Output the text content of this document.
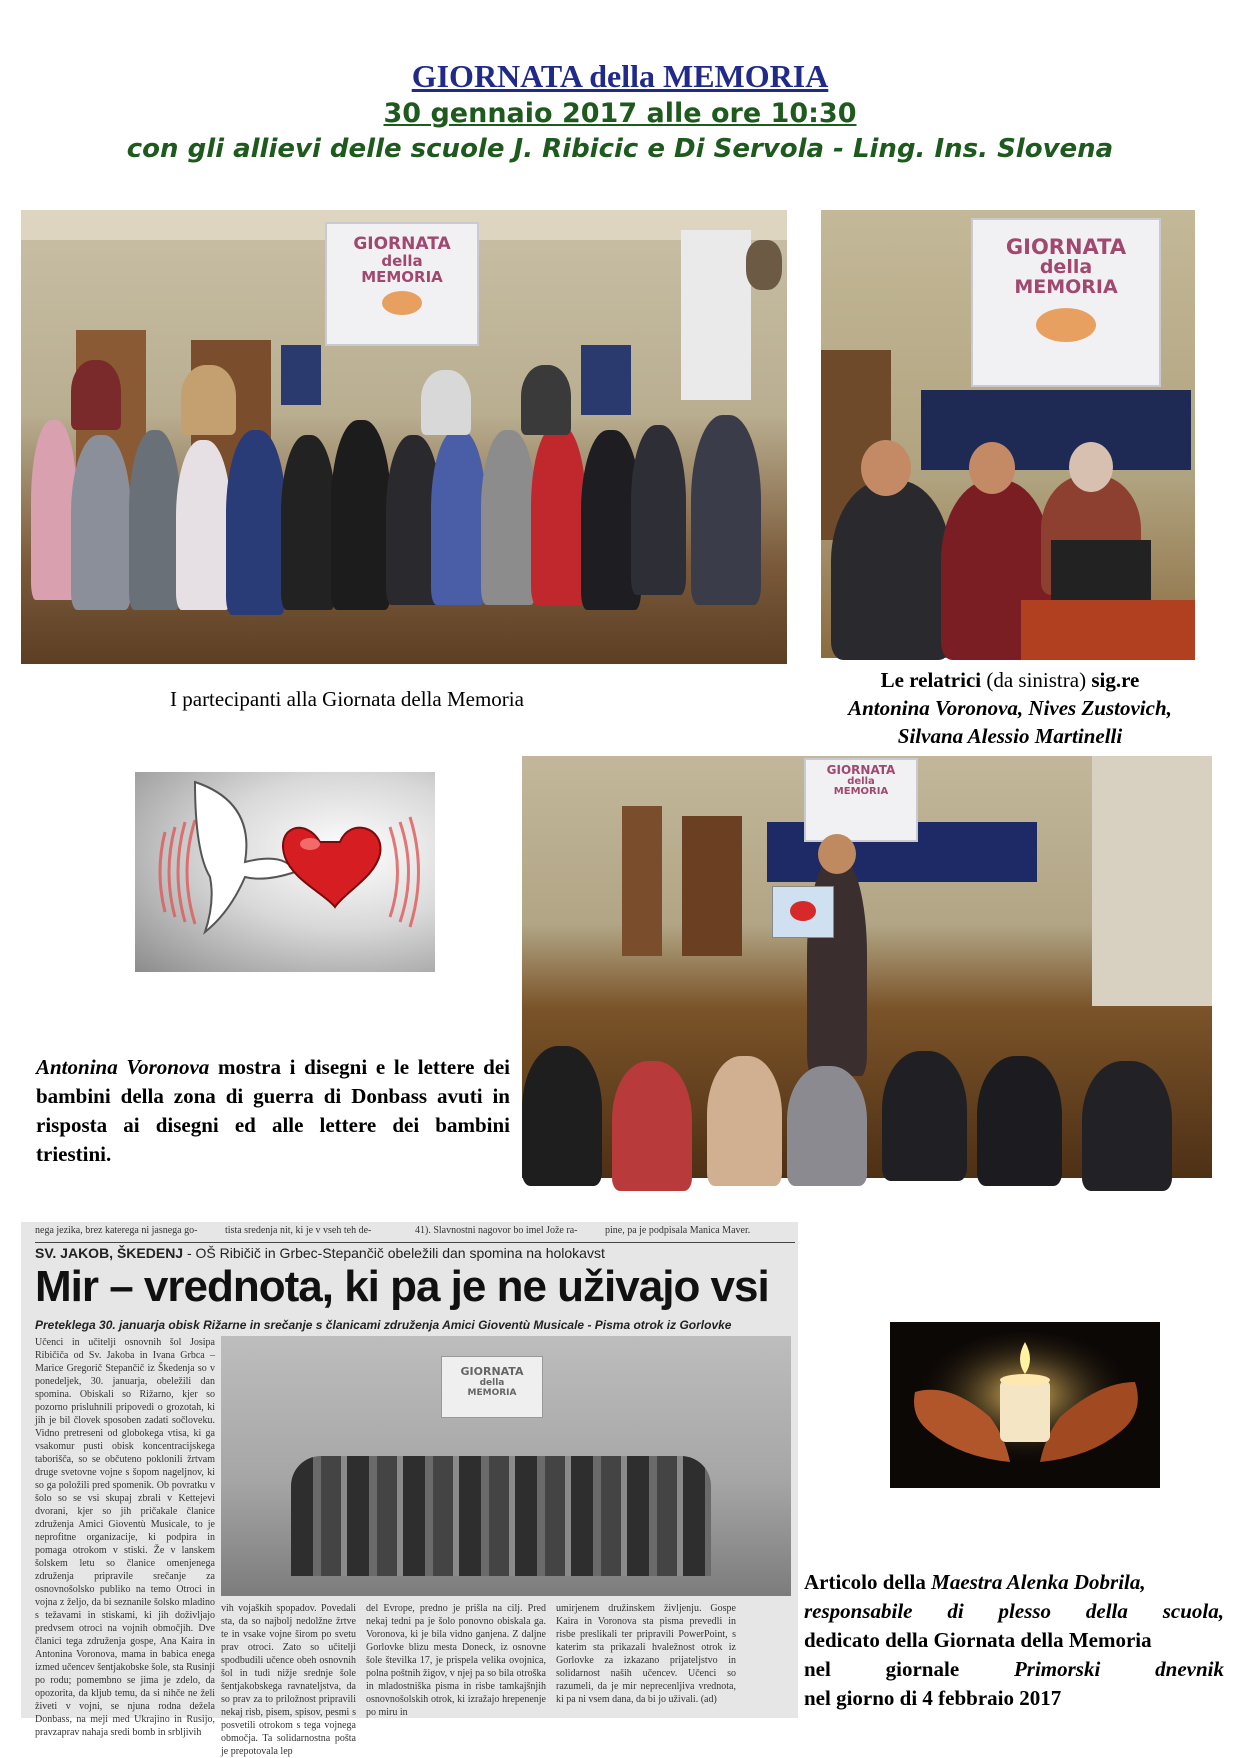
GIORNATA della MEMORIA
30 gennaio 2017 alle ore 10:30
con gli allievi delle scuole J. Ribicic e Di Servola - Ling. Ins. Slovena
GIORNATA
della
MEMORIA
GIORNATA
della
MEMORIA
I partecipanti alla Giornata della Memoria
Le relatrici (da sinistra) sig.re
Antonina Voronova, Nives Zustovich,
Silvana Alessio Martinelli
GIORNATA
della
MEMORIA
Antonina Voronova mostra i disegni e le lettere dei bambini della zona di guerra di Donbass avuti in risposta ai disegni ed alle lettere dei bambini triestini.
nega jezika, brez katerega ni jasnega go-	tista sredenja nit, ki je v vseh teh de-	41). Slavnostni nagovor bo imel Jože ra-	pine, pa je podpisala Manica Maver.
SV. JAKOB, ŠKEDENJ - OŠ Ribičič in Grbec-Stepančič obeležili dan spomina na holokavst
Mir – vrednota, ki pa je ne uživajo vsi
Preteklega 30. januarja obisk Rižarne in srečanje s članicami združenja Amici Gioventù Musicale - Pisma otrok iz Gorlovke
Učenci in učitelji osnovnih šol Josipa Ribičiča od Sv. Jakoba in Ivana Grbca – Marice Gregorič Stepančič iz Škedenja so v ponedeljek, 30. januarja, obeležili dan spomina. Obiskali so Rižarno, kjer so pozorno prisluhnili pripovedi o grozotah, ki jih je bil človek sposoben zadati sočloveku. Vidno pretreseni od globokega vtisa, ki ga vsakomur pusti obisk koncentracijskega taborišča, so se občuteno poklonili žrtvam druge svetovne vojne s šopom nageljnov, ki so ga položili pred spomenik. Ob povratku v šolo so se vsi skupaj zbrali v Kettejevi dvorani, kjer so jih pričakale članice združenja Amici Gioventù Musicale, to je neprofitne organizacije, ki podpira in pomaga otrokom v stiski. Že v lanskem šolskem letu so članice omenjenega združenja pripravile srečanje za osnovnošolsko publiko na temo Otroci in vojna z željo, da bi seznanile šolsko mladino s težavami in stiskami, ki jih doživljajo predvsem otroci na vojnih območjih. Dve članici tega združenja gospe, Ana Kaira in Antonina Voronova, mama in babica enega izmed učencev šentjakobske šole, sta Rusinji po rodu; pomembno se jima je zdelo, da opozorita, da kljub temu, da si nihče ne želi živeti v vojni, se njuna rodna dežela Donbass, na meji med Ukrajino in Rusijo, pravzaprav nahaja sredi bomb in srbljivih
GIORNATA
della
MEMORIA
vih vojaških spopadov. Povedali sta, da so najbolj nedolžne žrtve te in vsake vojne širom po svetu prav otroci. Zato so učitelji spodbudili učence obeh osnovnih šol in tudi nižje srednje šole šentjakobskega ravnateljstva, da so prav za to priložnost pripravili nekaj risb, pisem, spisov, pesmi s posvetili otrokom s tega vojnega območja. Ta solidarnostna pošta je prepotovala lep
del Evrope, predno je prišla na cilj. Pred nekaj tedni pa je šolo ponovno obiskala ga. Voronova, ki je bila vidno ganjena. Z daljne Gorlovke blizu mesta Doneck, iz osnovne šole številka 17, je prispela velika ovojnica, polna poštnih žigov, v njej pa so bila otroška in mladostniška pisma in risbe tamkajšnjih osnovnošolskih otrok, ki izražajo hrepenenje po miru in
umirjenem družinskem življenju. Gospe Kaira in Voronova sta pisma prevedli in risbe preslikali ter pripravili PowerPoint, s katerim sta prikazali hvaležnost otrok iz Gorlovke za izkazano prijateljstvo in solidarnost naših učencev. Učenci so razumeli, da je mir neprecenljiva vrednota, ki pa ni vsem dana, da bi jo uživali. (ad)
Articolo della Maestra Alenka Dobrila,
responsabile di plesso della scuola,
dedicato della Giornata della Memoria
nel	giornale	Primorski	dnevnik
nel giorno di 4 febbraio 2017
